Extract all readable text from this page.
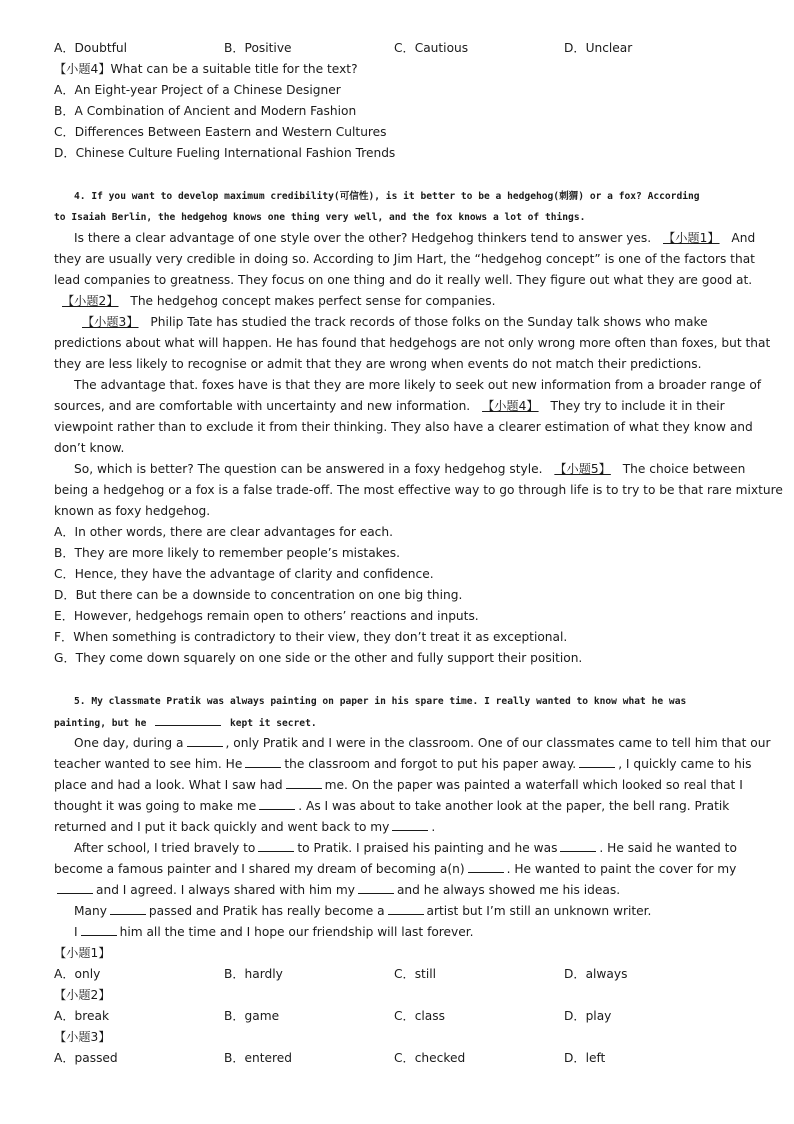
A．Doubtful	B．Positive	C．Cautious	D．Unclear
【小题4】What can be a suitable title for the text?
A．An Eight-year Project of a Chinese Designer
B．A Combination of Ancient and Modern Fashion
C．Differences Between Eastern and Western Cultures
D．Chinese Culture Fueling International Fashion Trends
4. If you want to develop maximum credibility(可信性), is it better to be a hedgehog(刺猬) or a fox? According
to Isaiah Berlin, the hedgehog knows one thing very well, and the fox knows a lot of things.
Is there a clear advantage of one style over the other? Hedgehog thinkers tend to answer yes. 【小题1】 And
they are usually very credible in doing so. According to Jim Hart, the “hedgehog concept” is one of the factors that
lead companies to greatness. They focus on one thing and do it really well. They figure out what they are good at.
【小题2】 The hedgehog concept makes perfect sense for companies.
【小题3】 Philip Tate has studied the track records of those folks on the Sunday talk shows who make
predictions about what will happen. He has found that hedgehogs are not only wrong more often than foxes, but that
they are less likely to recognise or admit that they are wrong when events do not match their predictions.
The advantage that. foxes have is that they are more likely to seek out new information from a broader range of
sources, and are comfortable with uncertainty and new information. 【小题4】 They try to include it in their
viewpoint rather than to exclude it from their thinking. They also have a clearer estimation of what they know and
don’t know.
So, which is better? The question can be answered in a foxy hedgehog style. 【小题5】 The choice between
being a hedgehog or a fox is a false trade-off. The most effective way to go through life is to try to be that rare mixture
known as foxy hedgehog.
A．In other words, there are clear advantages for each.
B．They are more likely to remember people’s mistakes.
C．Hence, they have the advantage of clarity and confidence.
D．But there can be a downside to concentration on one big thing.
E．However, hedgehogs remain open to others’ reactions and inputs.
F．When something is contradictory to their view, they don’t treat it as exceptional.
G．They come down squarely on one side or the other and fully support their position.
5. My classmate Pratik was always painting on paper in his spare time. I really wanted to know what he was
painting, but he	kept it secret.
One day, during a	, only Pratik and I were in the classroom. One of our classmates came to tell him that our
teacher wanted to see him. He	the classroom and forgot to put his paper away.	, I quickly came to his
place and had a look. What I saw had	me. On the paper was painted a waterfall which looked so real that I
thought it was going to make me	. As I was about to take another look at the paper, the bell rang. Pratik
returned and I put it back quickly and went back to my	.
After school, I tried bravely to	to Pratik. I praised his painting and he was	. He said he wanted to
become a famous painter and I shared my dream of becoming a(n)	. He wanted to paint the cover for my
and I agreed. I always shared with him my	and he always showed me his ideas.
Many	passed and Pratik has really become a	artist but I’m still an unknown writer.
I	him all the time and I hope our friendship will last forever.
【小题1】
A．only	B．hardly	C．still	D．always
【小题2】
A．break	B．game	C．class	D．play
【小题3】
A．passed	B．entered	C．checked	D．left
